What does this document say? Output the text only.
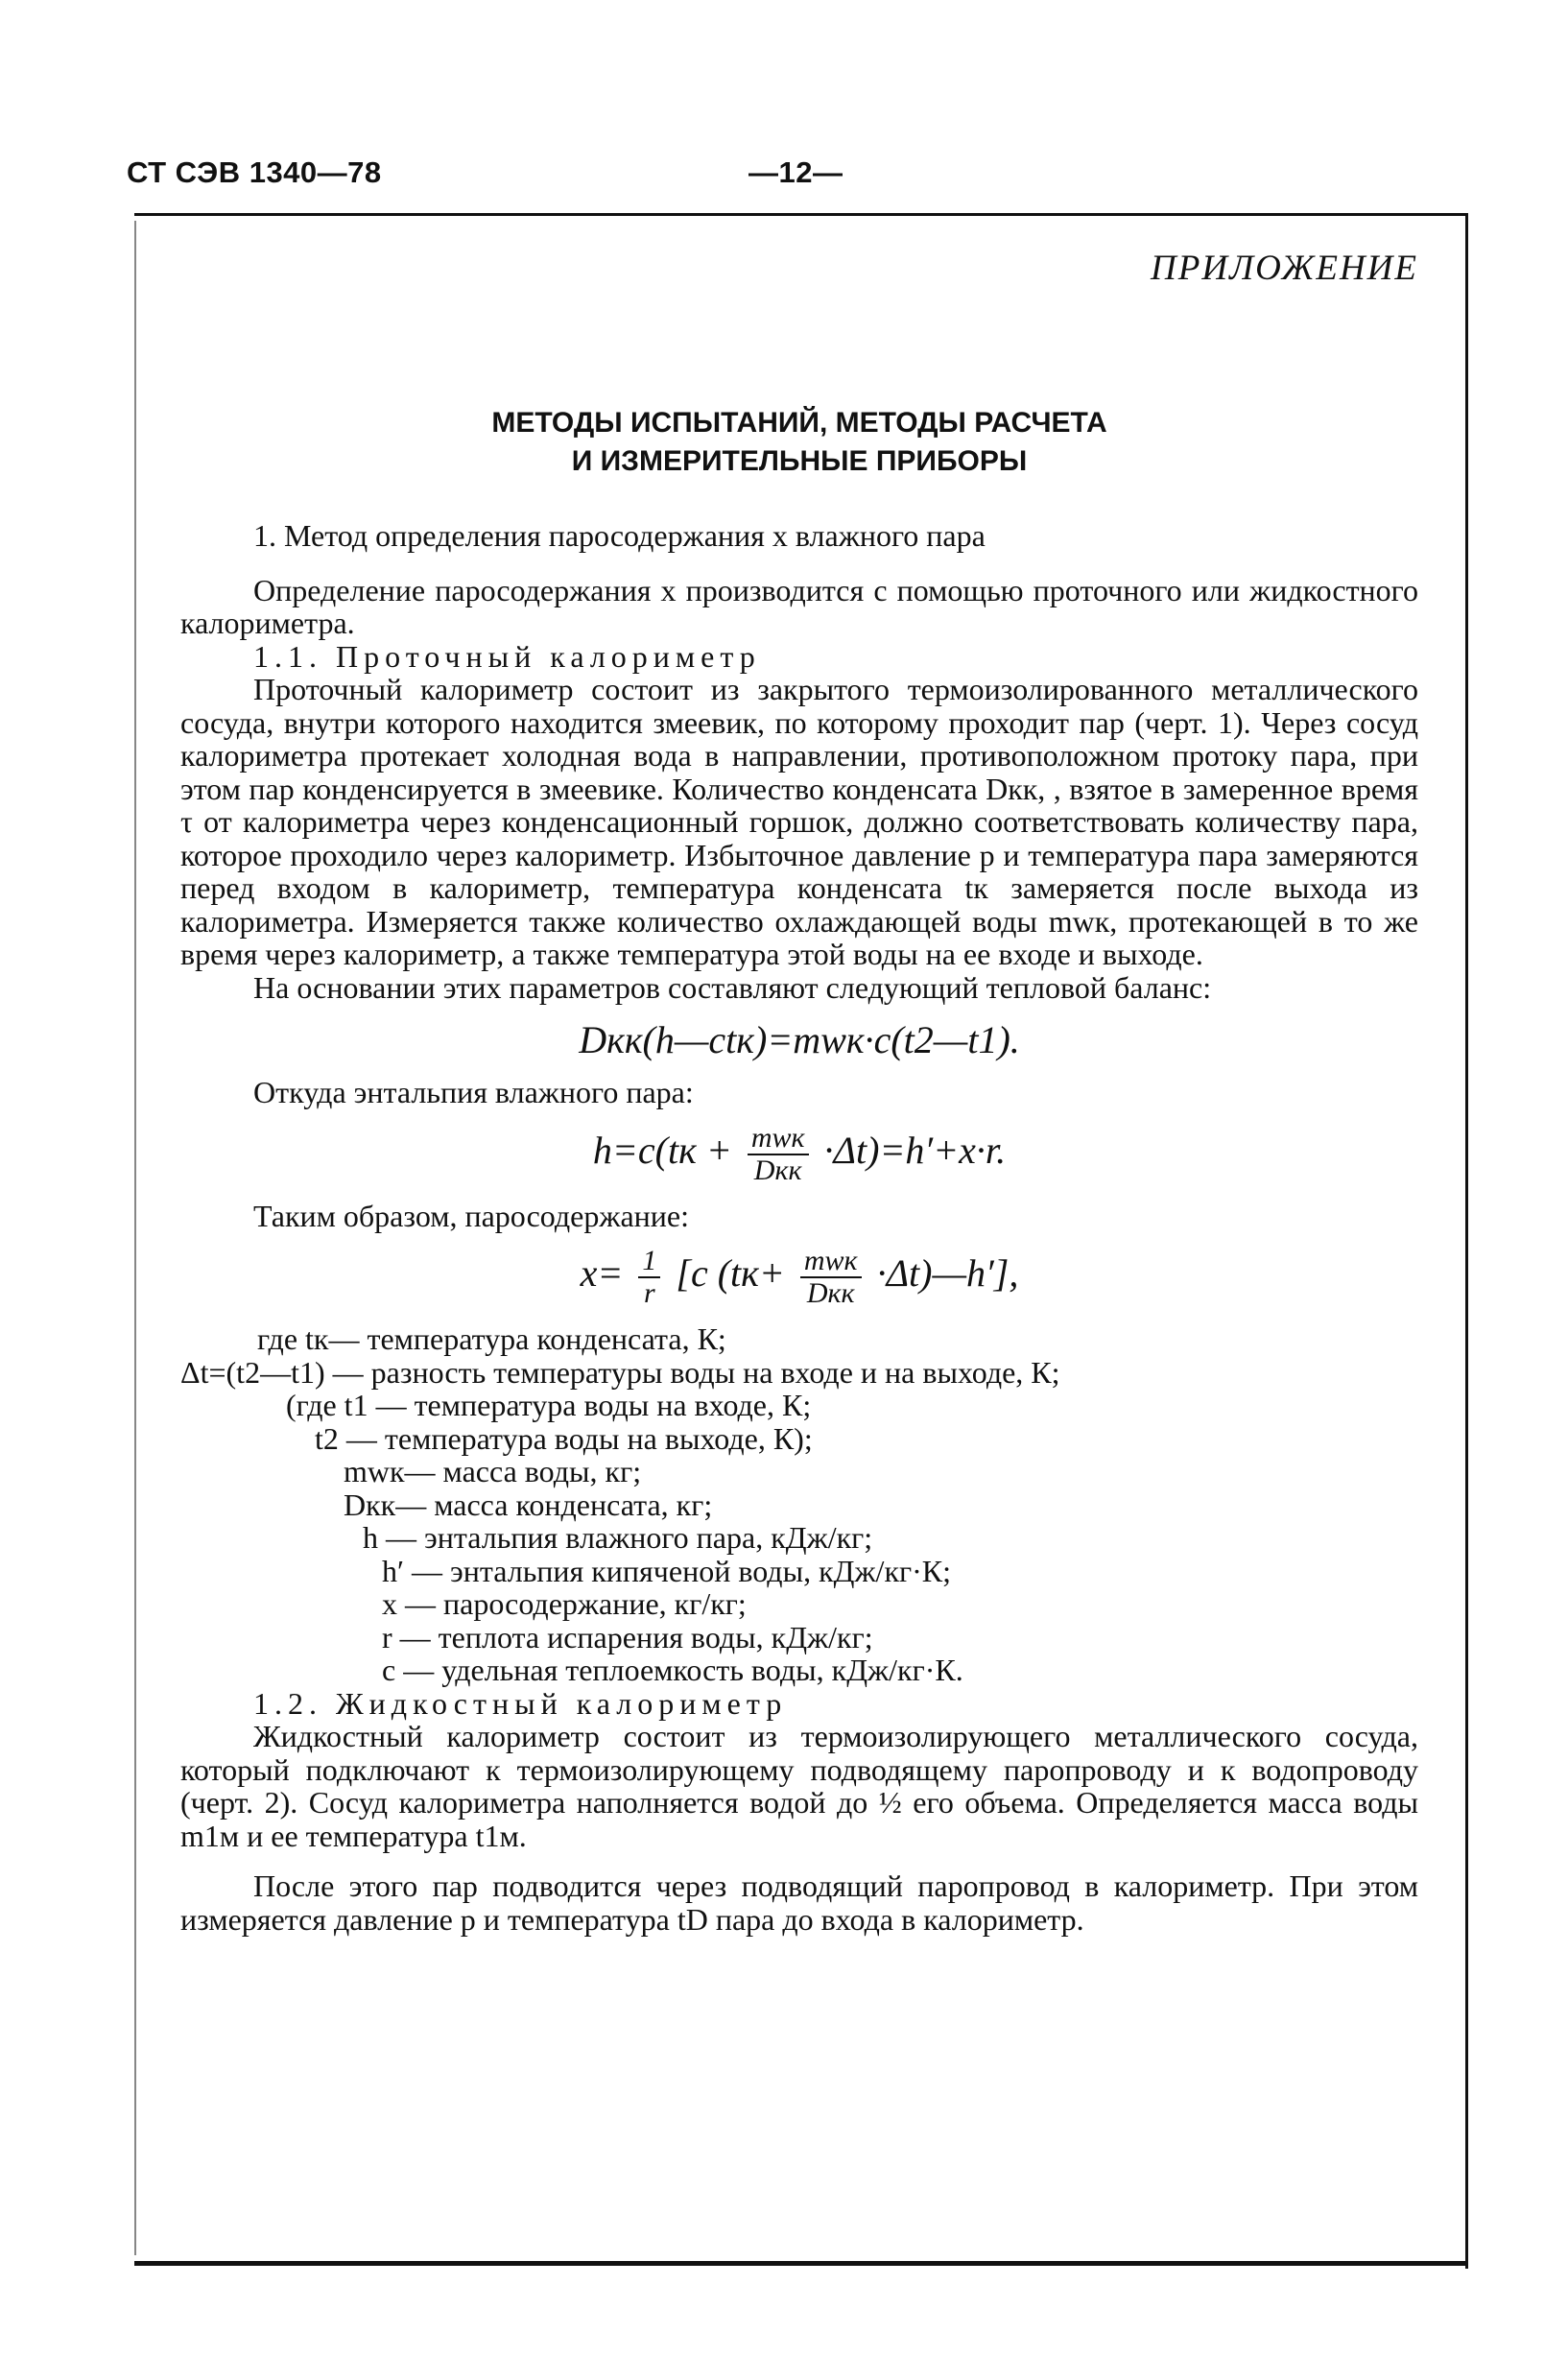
СТ СЭВ 1340—78	—12—
ПРИЛОЖЕНИЕ
МЕТОДЫ ИСПЫТАНИЙ, МЕТОДЫ РАСЧЕТА
И ИЗМЕРИТЕЛЬНЫЕ ПРИБОРЫ

1. Метод определения паросодержания x влажного пара

Определение паросодержания x производится с помощью проточного или жидкостного калориметра.

1.1. Проточный калориметр

Проточный калориметр состоит из закрытого термоизолированного металлического сосуда, внутри которого находится змеевик, по которому проходит пар (черт. 1). Через сосуд калориметра протекает холодная вода в направлении, противоположном протоку пара, при этом пар конденсируется в змеевике. Количество конденсата Dкк, , взятое в замеренное время τ от калориметра через конденсационный горшок, должно соответствовать количеству пара, которое проходило через калориметр. Избыточное давление p и температура пара замеряются перед входом в калориметр, температура конденсата tк замеряется после выхода из калориметра. Измеряется также количество охлаждающей воды mwк, протекающей в то же время через калориметр, а также температура этой воды на ее входе и выходе.

На основании этих параметров составляют следующий тепловой баланс:

Dкк(h—ctк)=mwк·c(t2—t1).

Откуда энтальпия влажного пара:

$h=c(tк + \frac{\text{mwк}}{\text{Dкк}} \cdot\Delta t)=h'+x\cdot r$.

Таким образом, паросодержание:

$x= \frac{1}{r} [c$ ($tк+ \frac{\text{mwк}}{\text{Dкк}}$ ·Δt)—h′],
где tк— температура конденсата, К;
Δt=(t2—t1) — разность температуры воды на входе и на выходе, К;
(где t1 — температура воды на входе, К;
t2 — температура воды на выходе, К);
mwк— масса воды, кг;
Dкк— масса конденсата, кг;
h — энтальпия влажного пара, кДж/кг;
h′ — энтальпия кипяченой воды, кДж/кг·К;
x — паросодержание, кг/кг;
r — теплота испарения воды, кДж/кг;
c — удельная теплоемкость воды, кДж/кг·К.

1.2. Жидкостный калориметр

Жидкостный калориметр состоит из термоизолирующего металлического сосуда, который подключают к термоизолирующему подводящему паропроводу и к водопроводу (черт. 2). Сосуд калориметра наполняется водой до ½ его объема. Определяется масса воды m1м и ее температура t1м.

После этого пар подводится через подводящий паропровод в калориметр. При этом измеряется давление p и температура tD пара до входа в калориметр.
